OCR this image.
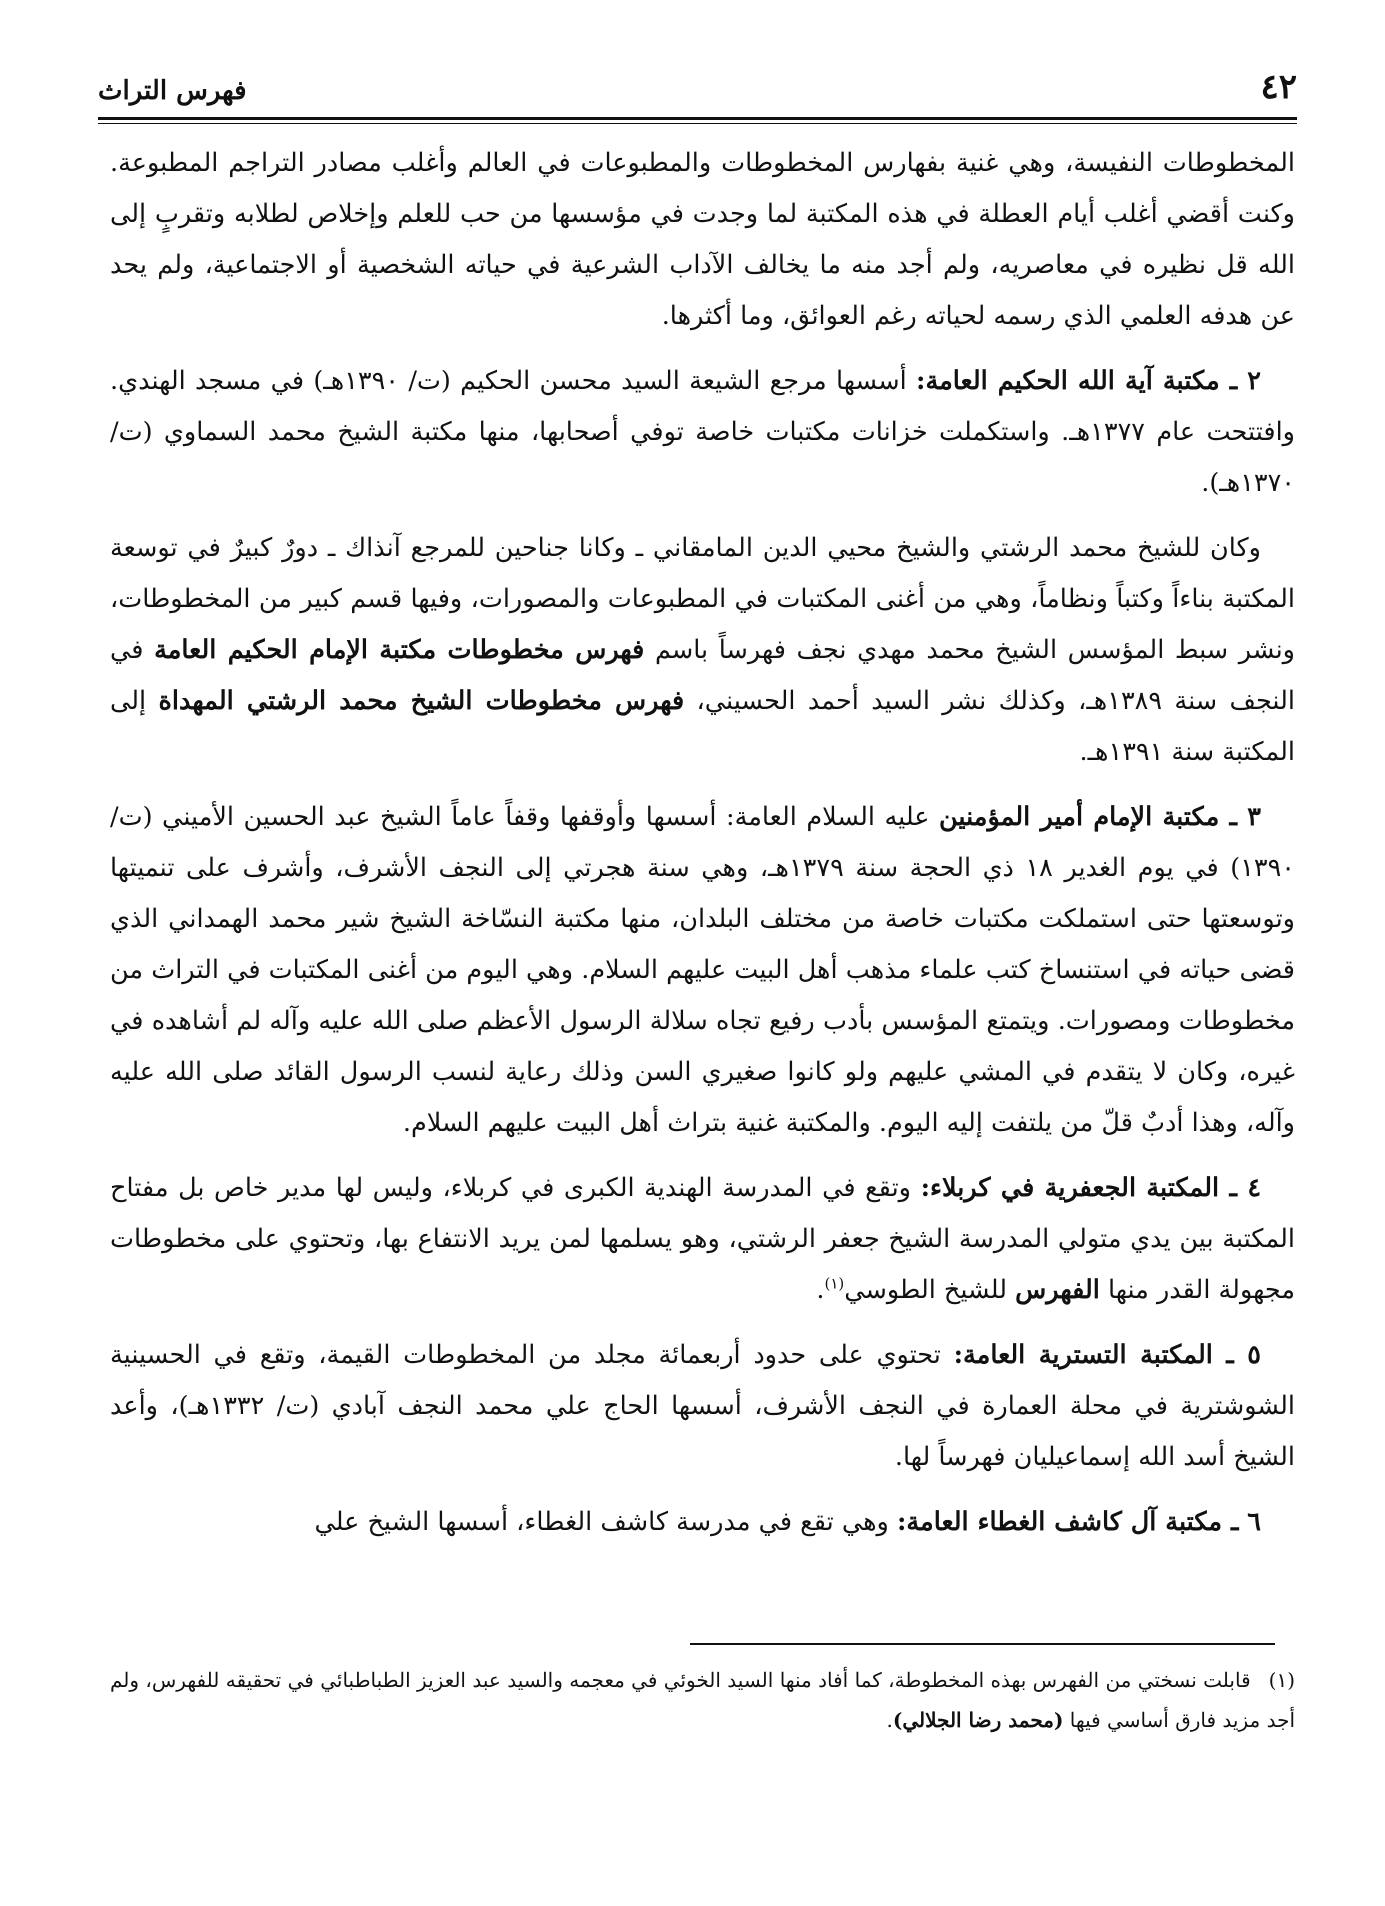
٤٢
فهرس التراث

المخطوطات النفيسة، وهي غنية بفهارس المخطوطات والمطبوعات في العالم وأغلب مصادر التراجم المطبوعة. وكنت أقضي أغلب أيام العطلة في هذه المكتبة لما وجدت في مؤسسها من حب للعلم وإخلاص لطلابه وتقربٍ إلى الله قل نظيره في معاصريه، ولم أجد منه ما يخالف الآداب الشرعية في حياته الشخصية أو الاجتماعية، ولم يحد عن هدفه العلمي الذي رسمه لحياته رغم العوائق، وما أكثرها.

٢ ـ مكتبة آية الله الحكيم العامة: أسسها مرجع الشيعة السيد محسن الحكيم (ت/ ١٣٩٠هـ) في مسجد الهندي. وافتتحت عام ١٣٧٧هـ. واستكملت خزانات مكتبات خاصة توفي أصحابها، منها مكتبة الشيخ محمد السماوي (ت/ ١٣٧٠هـ).

وكان للشيخ محمد الرشتي والشيخ محيي الدين المامقاني ـ وكانا جناحين للمرجع آنذاك ـ دورٌ كبيرٌ في توسعة المكتبة بناءاً وكتباً ونظاماً، وهي من أغنى المكتبات في المطبوعات والمصورات، وفيها قسم كبير من المخطوطات، ونشر سبط المؤسس الشيخ محمد مهدي نجف فهرساً باسم فهرس مخطوطات مكتبة الإمام الحكيم العامة في النجف سنة ١٣٨٩هـ، وكذلك نشر السيد أحمد الحسيني، فهرس مخطوطات الشيخ محمد الرشتي المهداة إلى المكتبة سنة ١٣٩١هـ.

٣ ـ مكتبة الإمام أمير المؤمنين عليه السلام العامة: أسسها وأوقفها وقفاً عاماً الشيخ عبد الحسين الأميني (ت/ ١٣٩٠) في يوم الغدير ١٨ ذي الحجة سنة ١٣٧٩هـ، وهي سنة هجرتي إلى النجف الأشرف، وأشرف على تنميتها وتوسعتها حتى استملكت مكتبات خاصة من مختلف البلدان، منها مكتبة النسّاخة الشيخ شير محمد الهمداني الذي قضى حياته في استنساخ كتب علماء مذهب أهل البيت عليهم السلام. وهي اليوم من أغنى المكتبات في التراث من مخطوطات ومصورات. ويتمتع المؤسس بأدب رفيع تجاه سلالة الرسول الأعظم صلى الله عليه وآله لم أشاهده في غيره، وكان لا يتقدم في المشي عليهم ولو كانوا صغيري السن وذلك رعاية لنسب الرسول القائد صلى الله عليه وآله، وهذا أدبٌ قلّ من يلتفت إليه اليوم. والمكتبة غنية بتراث أهل البيت عليهم السلام.

٤ ـ المكتبة الجعفرية في كربلاء: وتقع في المدرسة الهندية الكبرى في كربلاء، وليس لها مدير خاص بل مفتاح المكتبة بين يدي متولي المدرسة الشيخ جعفر الرشتي، وهو يسلمها لمن يريد الانتفاع بها، وتحتوي على مخطوطات مجهولة القدر منها الفهرس للشيخ الطوسي$^{(١)}$.

٥ ـ المكتبة التسترية العامة: تحتوي على حدود أربعمائة مجلد من المخطوطات القيمة، وتقع في الحسينية الشوشترية في محلة العمارة في النجف الأشرف، أسسها الحاج علي محمد النجف آبادي (ت/ ١٣٣٢هـ)، وأعد الشيخ أسد الله إسماعيليان فهرساً لها.

٦ ـ مكتبة آل كاشف الغطاء العامة: وهي تقع في مدرسة كاشف الغطاء، أسسها الشيخ علي

(١)قابلت نسختي من الفهرس بهذه المخطوطة، كما أفاد منها السيد الخوئي في معجمه والسيد عبد العزيز الطباطبائي في تحقيقه للفهرس، ولم أجد مزيد فارق أساسي فيها (محمد رضا الجلالي).
